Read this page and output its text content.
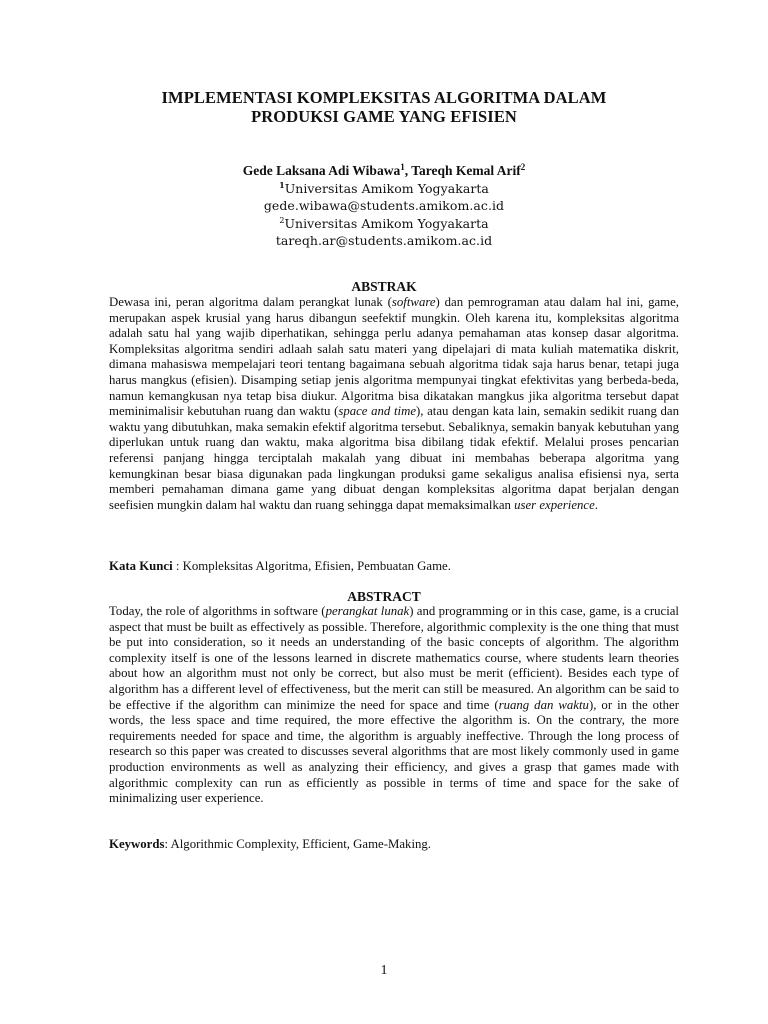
IMPLEMENTASI KOMPLEKSITAS ALGORITMA DALAM
PRODUKSI GAME YANG EFISIEN
Gede Laksana Adi Wibawa$^1$, Tareqh Kemal Arif$^2$
$^1$Universitas Amikom Yogyakarta
gede.wibawa@students.amikom.ac.id
$^2$Universitas Amikom Yogyakarta
tareqh.ar@students.amikom.ac.id
ABSTRAK
Dewasa ini, peran algoritma dalam perangkat lunak (software) dan pemrograman atau dalam hal ini, game, merupakan aspek krusial yang harus dibangun seefektif mungkin. Oleh karena itu, kompleksitas algoritma adalah satu hal yang wajib diperhatikan, sehingga perlu adanya pemahaman atas konsep dasar algoritma. Kompleksitas algoritma sendiri adlaah salah satu materi yang dipelajari di mata kuliah matematika diskrit, dimana mahasiswa mempelajari teori tentang bagaimana sebuah algoritma tidak saja harus benar, tetapi juga harus mangkus (efisien). Disamping setiap jenis algoritma mempunyai tingkat efektivitas yang berbeda-beda, namun kemangkusan nya tetap bisa diukur. Algoritma bisa dikatakan mangkus jika algoritma tersebut dapat meminimalisir kebutuhan ruang dan waktu (space and time), atau dengan kata lain, semakin sedikit ruang dan waktu yang dibutuhkan, maka semakin efektif algoritma tersebut. Sebaliknya, semakin banyak kebutuhan yang diperlukan untuk ruang dan waktu, maka algoritma bisa dibilang tidak efektif. Melalui proses pencarian referensi panjang hingga terciptalah makalah yang dibuat ini membahas beberapa algoritma yang kemungkinan besar biasa digunakan pada lingkungan produksi game sekaligus analisa efisiensi nya, serta memberi pemahaman dimana game yang dibuat dengan kompleksitas algoritma dapat berjalan dengan seefisien mungkin dalam hal waktu dan ruang sehingga dapat memaksimalkan user experience.
Kata Kunci : Kompleksitas Algoritma, Efisien, Pembuatan Game.
ABSTRACT
Today, the role of algorithms in software (perangkat lunak) and programming or in this case, game, is a crucial aspect that must be built as effectively as possible. Therefore, algorithmic complexity is the one thing that must be put into consideration, so it needs an understanding of the basic concepts of algorithm. The algorithm complexity itself is one of the lessons learned in discrete mathematics course, where students learn theories about how an algorithm must not only be correct, but also must be merit (efficient). Besides each type of algorithm has a different level of effectiveness, but the merit can still be measured. An algorithm can be said to be effective if the algorithm can minimize the need for space and time (ruang dan waktu), or in the other words, the less space and time required, the more effective the algorithm is. On the contrary, the more requirements needed for space and time, the algorithm is arguably ineffective. Through the long process of research so this paper was created to discusses several algorithms that are most likely commonly used in game production environments as well as analyzing their efficiency, and gives a grasp that games made with algorithmic complexity can run as efficiently as possible in terms of time and space for the sake of minimalizing user experience.
Keywords: Algorithmic Complexity, Efficient, Game-Making.
1
